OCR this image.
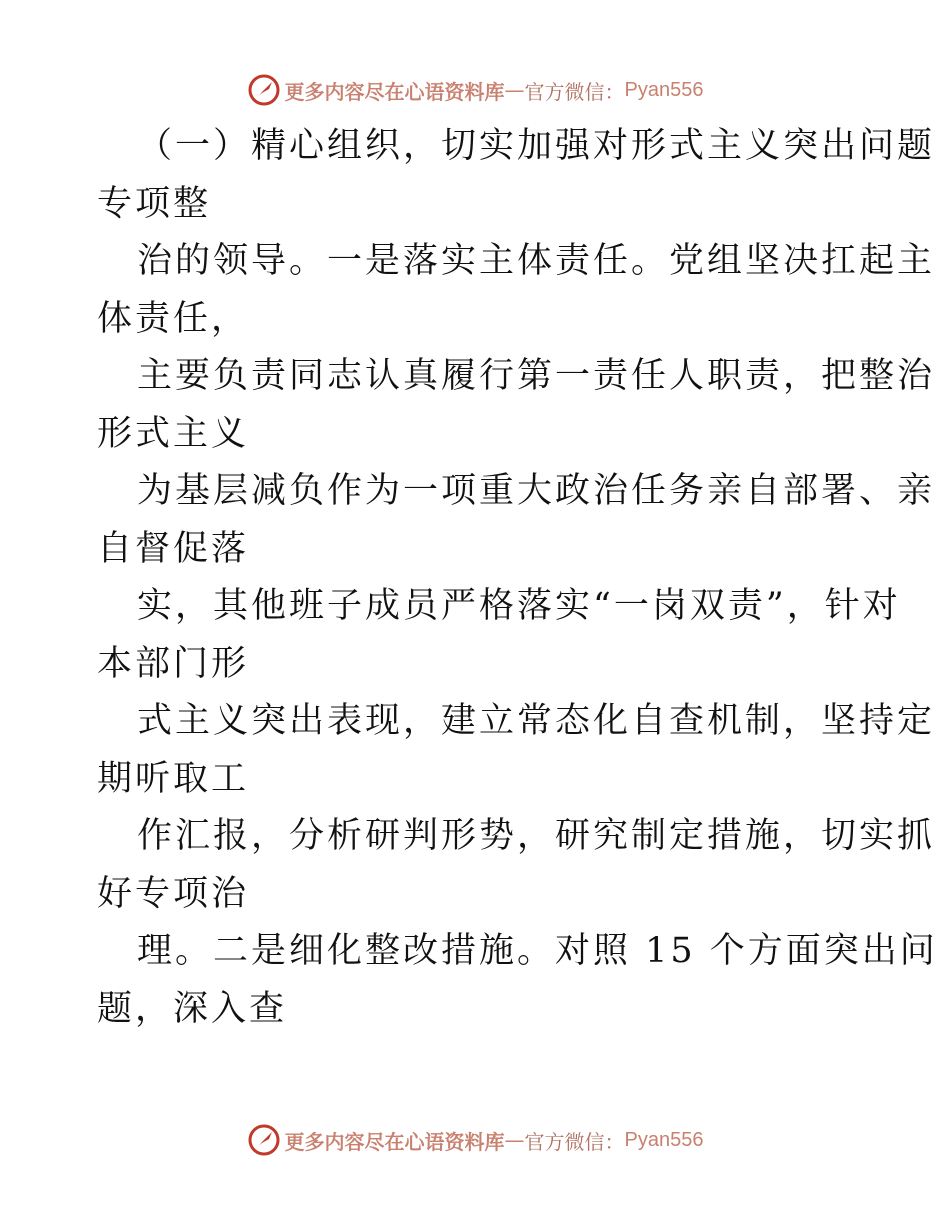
更多内容尽在心语资料库 — 官方微信： Pyan556
（一）精心组织，切实加强对形式主义突出问题
专项整
治的领导。一是落实主体责任。党组坚决扛起主
体责任，
主要负责同志认真履行第一责任人职责，把整治
形式主义
为基层减负作为一项重大政治任务亲自部署、亲
自督促落
实，其他班子成员严格落实“一岗双责”，针对
本部门形
式主义突出表现，建立常态化自查机制，坚持定
期听取工
作汇报，分析研判形势，研究制定措施，切实抓
好专项治
理。二是细化整改措施。对照 15 个方面突出问
题，深入查
更多内容尽在心语资料库 — 官方微信： Pyan556
